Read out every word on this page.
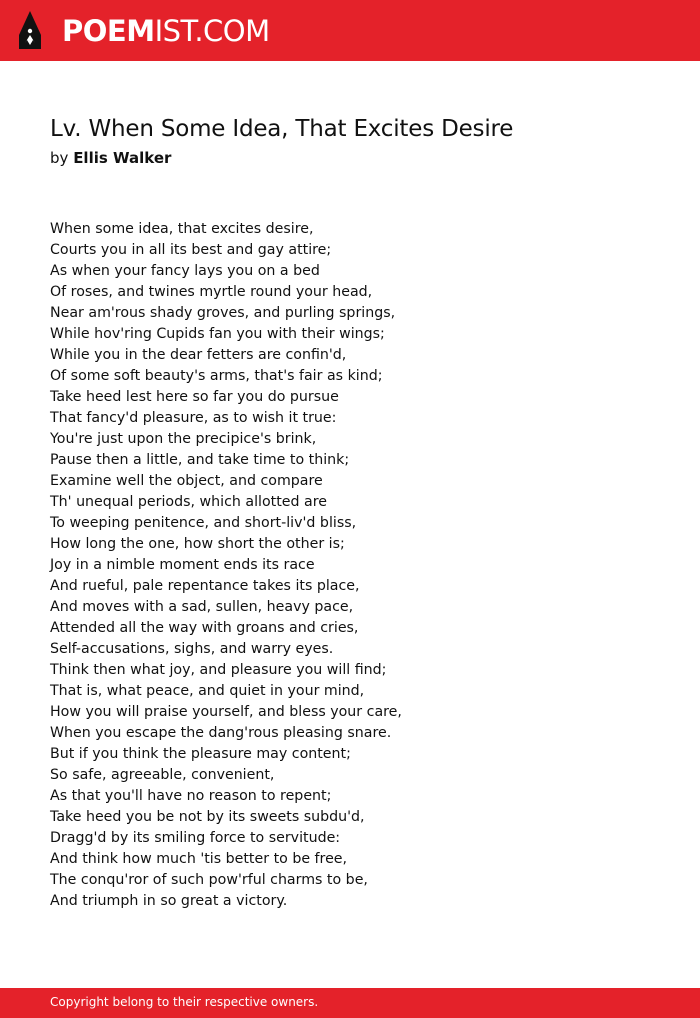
POEMIST.COM
Lv. When Some Idea, That Excites Desire
by Ellis Walker
When some idea, that excites desire,
Courts you in all its best and gay attire;
As when your fancy lays you on a bed
Of roses, and twines myrtle round your head,
Near am'rous shady groves, and purling springs,
While hov'ring Cupids fan you with their wings;
While you in the dear fetters are confin'd,
Of some soft beauty's arms, that's fair as kind;
Take heed lest here so far you do pursue
That fancy'd pleasure, as to wish it true:
You're just upon the precipice's brink,
Pause then a little, and take time to think;
Examine well the object, and compare
Th' unequal periods, which allotted are
To weeping penitence, and short-liv'd bliss,
How long the one, how short the other is;
Joy in a nimble moment ends its race
And rueful, pale repentance takes its place,
And moves with a sad, sullen, heavy pace,
Attended all the way with groans and cries,
Self-accusations, sighs, and warry eyes.
Think then what joy, and pleasure you will find;
That is, what peace, and quiet in your mind,
How you will praise yourself, and bless your care,
When you escape the dang'rous pleasing snare.
But if you think the pleasure may content;
So safe, agreeable, convenient,
As that you'll have no reason to repent;
Take heed you be not by its sweets subdu'd,
Dragg'd by its smiling force to servitude:
And think how much 'tis better to be free,
The conqu'ror of such pow'rful charms to be,
And triumph in so great a victory.
Copyright belong to their respective owners.
